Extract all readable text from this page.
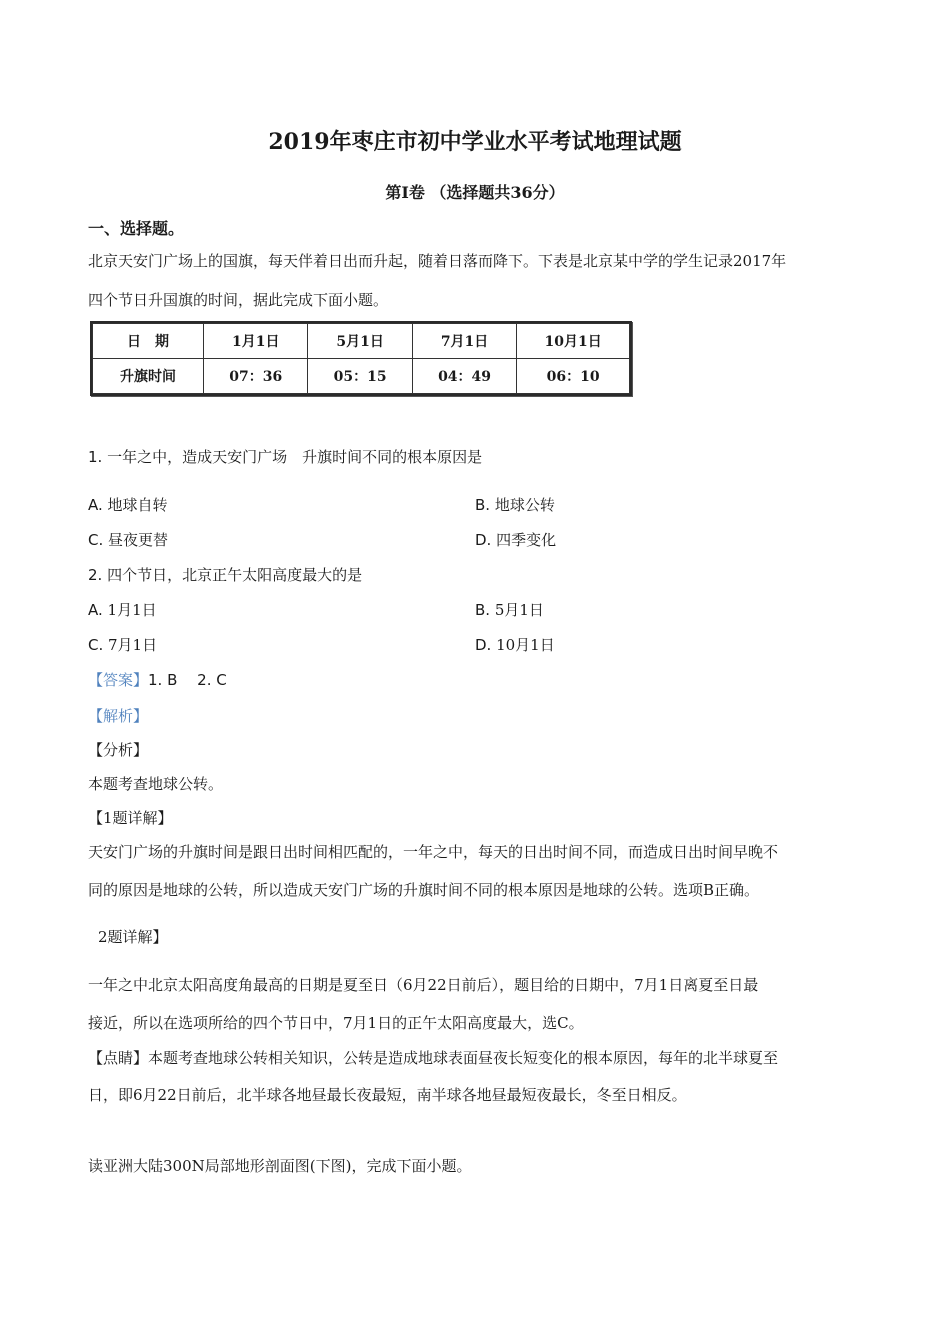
2019年枣庄市初中学业水平考试地理试题
第Ⅰ卷 （选择题共36分）
一、选择题。
北京天安门广场上的国旗，每天伴着日出而升起，随着日落而降下。下表是北京某中学的学生记录2017年
四个节日升国旗的时间，据此完成下面小题。
日　期	1月1日	5月1日	7月1日	10月1日
升旗时间	07：36	05：15	04：49	06：10
1. 一年之中，造成天安门广场　升旗时间不同的根本原因是
A. 地球自转	B. 地球公转
C. 昼夜更替	D. 四季变化
2. 四个节日，北京正午太阳高度最大的是
A. 1月1日	B. 5月1日
C. 7月1日	D. 10月1日
【答案】1. B　 2. C
【解析】
【分析】
本题考查地球公转。
【1题详解】
天安门广场的升旗时间是跟日出时间相匹配的，一年之中，每天的日出时间不同，而造成日出时间早晚不
同的原因是地球的公转，所以造成天安门广场的升旗时间不同的根本原因是地球的公转。选项B正确。
2题详解】
一年之中北京太阳高度角最高的日期是夏至日（6月22日前后），题目给的日期中，7月1日离夏至日最
接近，所以在选项所给的四个节日中，7月1日的正午太阳高度最大，选C。
【点睛】本题考查地球公转相关知识，公转是造成地球表面昼夜长短变化的根本原因，每年的北半球夏至
日，即6月22日前后，北半球各地昼最长夜最短，南半球各地昼最短夜最长，冬至日相反。
读亚洲大陆300N局部地形剖面图(下图)，完成下面小题。
